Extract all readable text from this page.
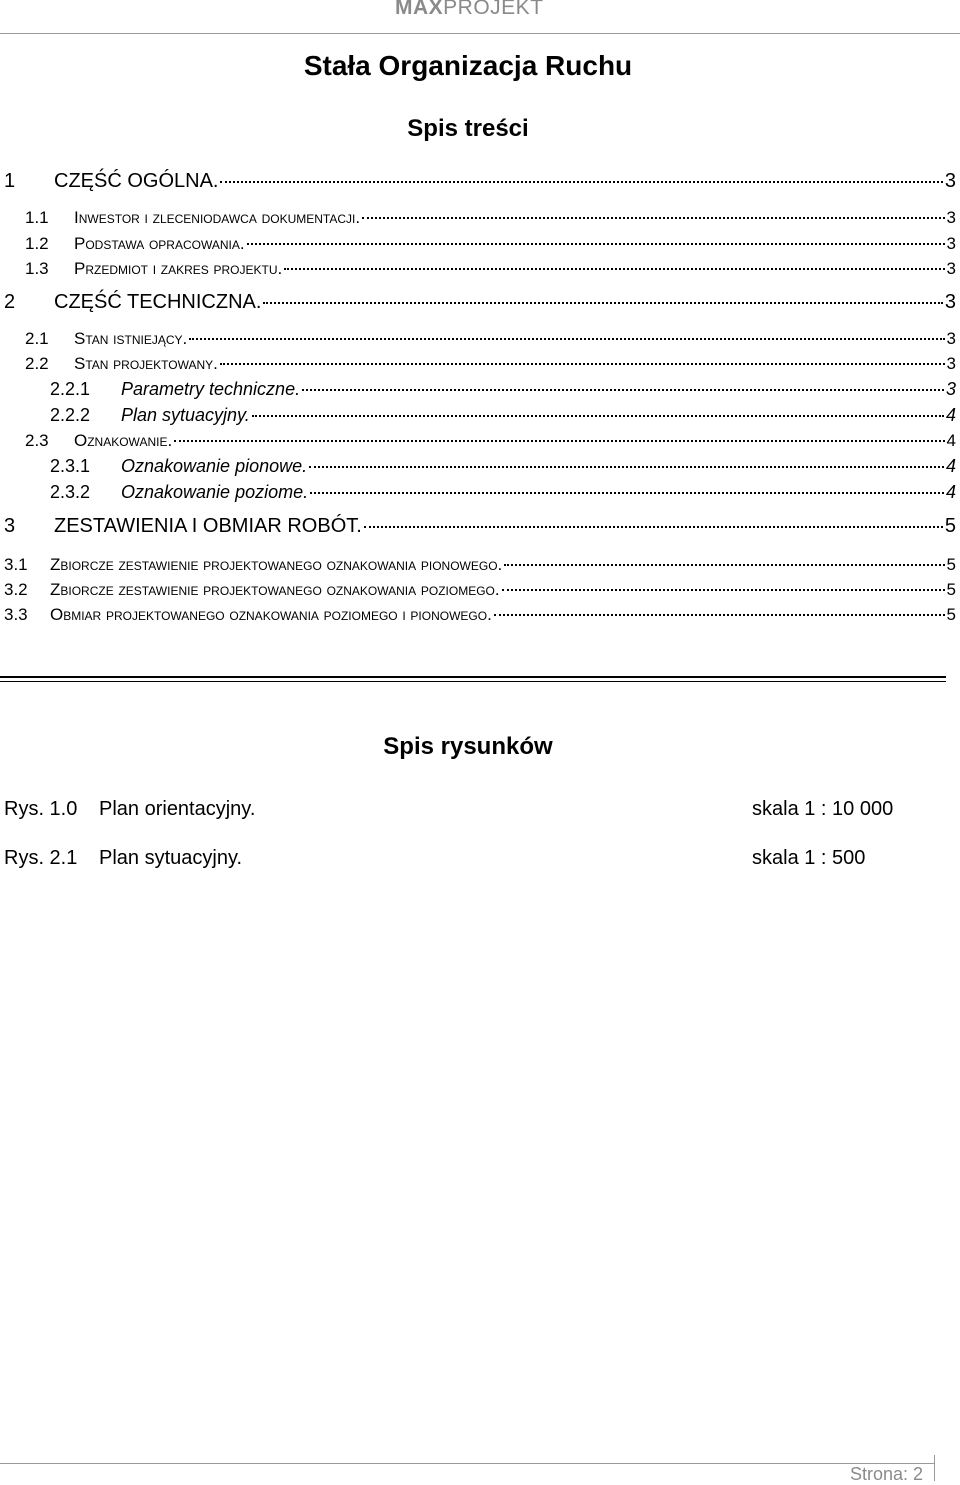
MAXPROJEKT
Stała Organizacja Ruchu
Spis treści
1	CZĘŚĆ OGÓLNA.	3
1.1	Inwestor i zleceniodawca dokumentacji.	3
1.2	Podstawa opracowania.	3
1.3	Przedmiot i zakres projektu.	3
2	CZĘŚĆ TECHNICZNA.	3
2.1	Stan istniejący.	3
2.2	Stan projektowany.	3
2.2.1	Parametry techniczne.	3
2.2.2	Plan sytuacyjny.	4
2.3	Oznakowanie.	4
2.3.1	Oznakowanie pionowe.	4
2.3.2	Oznakowanie poziome.	4
3	ZESTAWIENIA I OBMIAR ROBÓT.	5
3.1	Zbiorcze zestawienie projektowanego oznakowania pionowego.	5
3.2	Zbiorcze zestawienie projektowanego oznakowania poziomego.	5
3.3	Obmiar projektowanego oznakowania poziomego i pionowego.	5
Spis rysunków
Rys. 1.0 Plan orientacyjny.	skala 1 : 10 000
Rys. 2.1 Plan sytuacyjny.	skala 1 : 500
Strona: 2
